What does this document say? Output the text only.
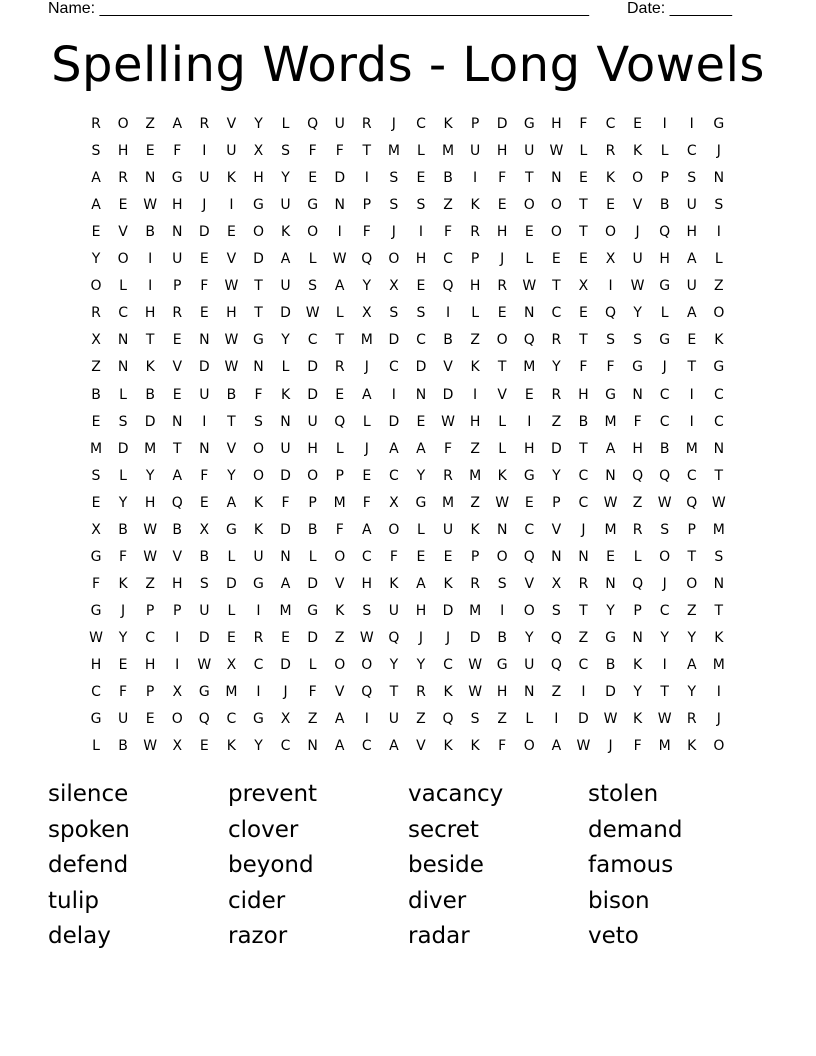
Name: _______________________________________________________

Date: _______

Spelling Words - Long Vowels
R	O	Z	A	R	V	Y	L	Q	U	R	J	C	K	P	D	G	H	F	C	E	I	I	G
S	H	E	F	I	U	X	S	F	F	T	M	L	M	U	H	U	W	L	R	K	L	C	J
A	R	N	G	U	K	H	Y	E	D	I	S	E	B	I	F	T	N	E	K	O	P	S	N
A	E	W	H	J	I	G	U	G	N	P	S	S	Z	K	E	O	O	T	E	V	B	U	S
E	V	B	N	D	E	O	K	O	I	F	J	I	F	R	H	E	O	T	O	J	Q	H	I
Y	O	I	U	E	V	D	A	L	W	Q	O	H	C	P	J	L	E	E	X	U	H	A	L
O	L	I	P	F	W	T	U	S	A	Y	X	E	Q	H	R	W	T	X	I	W	G	U	Z
R	C	H	R	E	H	T	D	W	L	X	S	S	I	L	E	N	C	E	Q	Y	L	A	O
X	N	T	E	N	W	G	Y	C	T	M	D	C	B	Z	O	Q	R	T	S	S	G	E	K
Z	N	K	V	D	W	N	L	D	R	J	C	D	V	K	T	M	Y	F	F	G	J	T	G
B	L	B	E	U	B	F	K	D	E	A	I	N	D	I	V	E	R	H	G	N	C	I	C
E	S	D	N	I	T	S	N	U	Q	L	D	E	W	H	L	I	Z	B	M	F	C	I	C
M	D	M	T	N	V	O	U	H	L	J	A	A	F	Z	L	H	D	T	A	H	B	M	N
S	L	Y	A	F	Y	O	D	O	P	E	C	Y	R	M	K	G	Y	C	N	Q	Q	C	T
E	Y	H	Q	E	A	K	F	P	M	F	X	G	M	Z	W	E	P	C	W	Z	W	Q	W
X	B	W	B	X	G	K	D	B	F	A	O	L	U	K	N	C	V	J	M	R	S	P	M
G	F	W	V	B	L	U	N	L	O	C	F	E	E	P	O	Q	N	N	E	L	O	T	S
F	K	Z	H	S	D	G	A	D	V	H	K	A	K	R	S	V	X	R	N	Q	J	O	N
G	J	P	P	U	L	I	M	G	K	S	U	H	D	M	I	O	S	T	Y	P	C	Z	T
W	Y	C	I	D	E	R	E	D	Z	W	Q	J	J	D	B	Y	Q	Z	G	N	Y	Y	K
H	E	H	I	W	X	C	D	L	O	O	Y	Y	C	W	G	U	Q	C	B	K	I	A	M
C	F	P	X	G	M	I	J	F	V	Q	T	R	K	W	H	N	Z	I	D	Y	T	Y	I
G	U	E	O	Q	C	G	X	Z	A	I	U	Z	Q	S	Z	L	I	D	W	K	W	R	J
L	B	W	X	E	K	Y	C	N	A	C	A	V	K	K	F	O	A	W	J	F	M	K	O
silence	prevent	vacancy	stolen
spoken	clover	secret	demand
defend	beyond	beside	famous
tulip	cider	diver	bison
delay	razor	radar	veto
